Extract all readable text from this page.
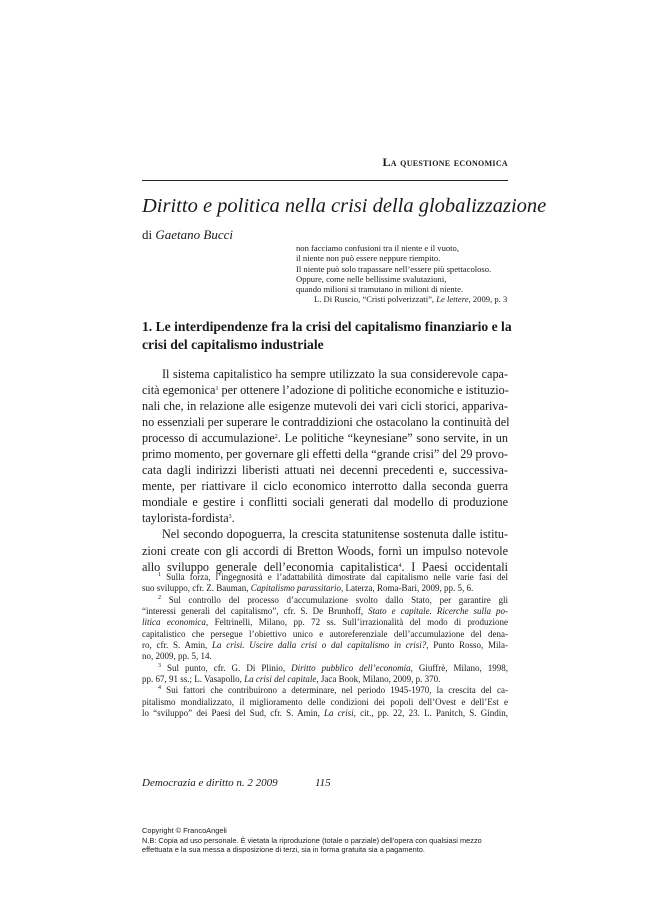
La questione economica
Diritto e politica nella crisi della globalizzazione
di Gaetano Bucci
non facciamo confusioni tra il niente e il vuoto,
il niente non può essere neppure riempito.
Il niente può solo trapassare nell’essere più spettacoloso.
Oppure, come nelle bellissime svalutazioni,
quando milioni si tramutano in milioni di niente.
L. Di Ruscio, “Cristi polverizzati”, Le lettere, 2009, p. 3
1. Le interdipendenze fra la crisi del capitalismo finanziario e la crisi del capitalismo industriale
Il sistema capitalistico ha sempre utilizzato la sua considerevole capa-
cità egemonica$^1$ per ottenere l’adozione di politiche economiche e istituzio-
nali che, in relazione alle esigenze mutevoli dei vari cicli storici, appariva-
no essenziali per superare le contraddizioni che ostacolano la continuità del
processo di accumulazione$^2$. Le politiche “keynesiane” sono servite, in un
primo momento, per governare gli effetti della “grande crisi” del 29 provo-
cata dagli indirizzi liberisti attuati nei decenni precedenti e, successiva-
mente, per riattivare il ciclo economico interrotto dalla seconda guerra
mondiale e gestire i conflitti sociali generati dal modello di produzione
taylorista-fordista$^3$.
Nel secondo dopoguerra, la crescita statunitense sostenuta dalle istitu-
zioni create con gli accordi di Bretton Woods, fornì un impulso notevole
allo sviluppo generale dell’economia capitalistica$^4$. I Paesi occidentali
$^1$ Sulla forza, l’ingegnosità e l’adattabilità dimostrate dal capitalismo nelle varie fasi del
suo sviluppo, cfr. Z. Bauman, Capitalismo parassitario, Laterza, Roma-Bari, 2009, pp. 5, 6.
$^2$ Sul controllo del processo d’accumulazione svolto dallo Stato, per garantire gli
“interessi generali del capitalismo”, cfr. S. De Brunhoff, Stato e capitale. Ricerche sulla po-
litica economica, Feltrinelli, Milano, pp. 72 ss. Sull’irrazionalità del modo di produzione
capitalistico che persegue l’obiettivo unico e autoreferenziale dell’accumulazione del dena-
ro, cfr. S. Amin, La crisi. Uscire dalla crisi o dal capitalismo in crisi?, Punto Rosso, Mila-
no, 2009, pp. 5, 14.
$^3$ Sul punto, cfr. G. Di Plinio, Diritto pubblico dell’economia, Giuffrè, Milano, 1998,
pp. 67, 91 ss.; L. Vasapollo, La crisi del capitale, Jaca Book, Milano, 2009, p. 370.
$^4$ Sui fattori che contribuirono a determinare, nel periodo 1945-1970, la crescita del ca-
pitalismo mondializzato, il miglioramento delle condizioni dei popoli dell’Ovest e dell’Est e
lo “sviluppo” dei Paesi del Sud, cfr. S. Amin, La crisi, cit., pp. 22, 23. L. Panitch, S. Gindin,
Democrazia e diritto n. 2 2009	115
Copyright © FrancoAngeli
N.B: Copia ad uso personale. È vietata la riproduzione (totale o parziale) dell’opera con qualsiasi mezzo
effettuata e la sua messa a disposizione di terzi, sia in forma gratuita sia a pagamento.
